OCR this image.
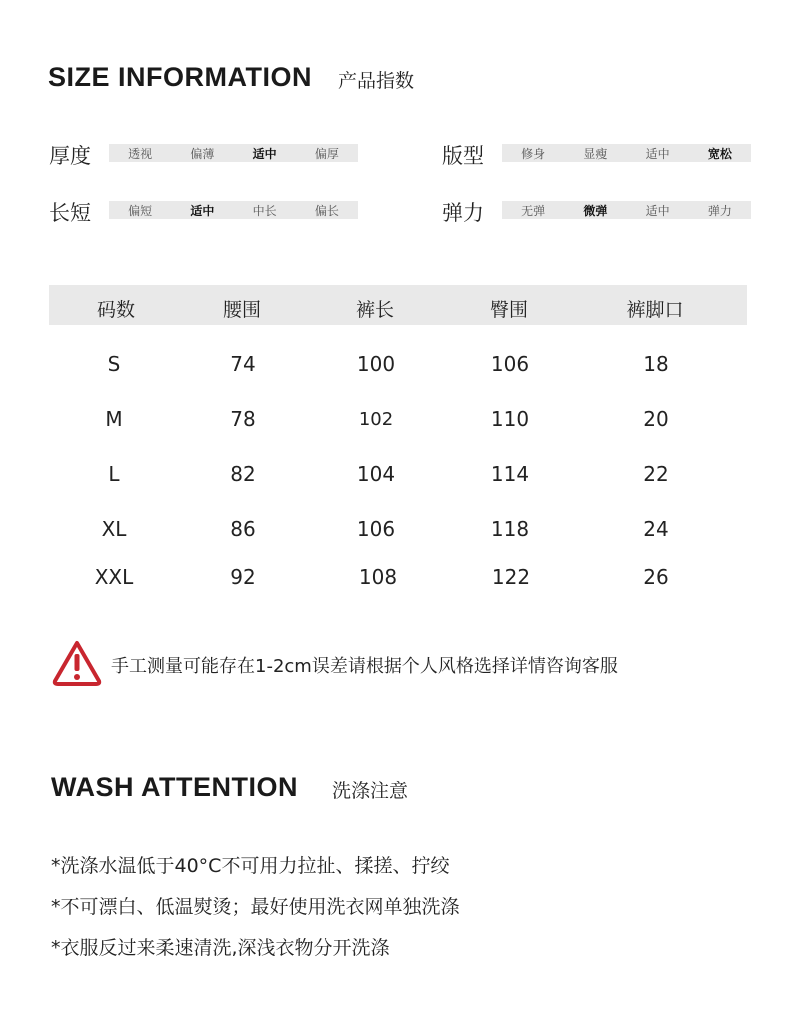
SIZE INFORMATION 产品指数
厚度	透视	偏薄	适中	偏厚	版型	修身	显瘦	适中	宽松
长短	偏短	适中	中长	偏长	弹力	无弹	微弹	适中	弹力
码数	腰围	裤长	臀围	裤脚口
S	74	100	106	18
M	78	102	110	20
L	82	104	114	22
XL	86	106	118	24
XXL	92	108	122	26
手工测量可能存在1-2cm误差请根据个人风格选择详情咨询客服
WASH ATTENTION 洗涤注意
*洗涤水温低于40°C不可用力拉扯、揉搓、拧绞
*不可漂白、低温熨烫；最好使用洗衣网单独洗涤
*衣服反过来柔速清洗,深浅衣物分开洗涤
